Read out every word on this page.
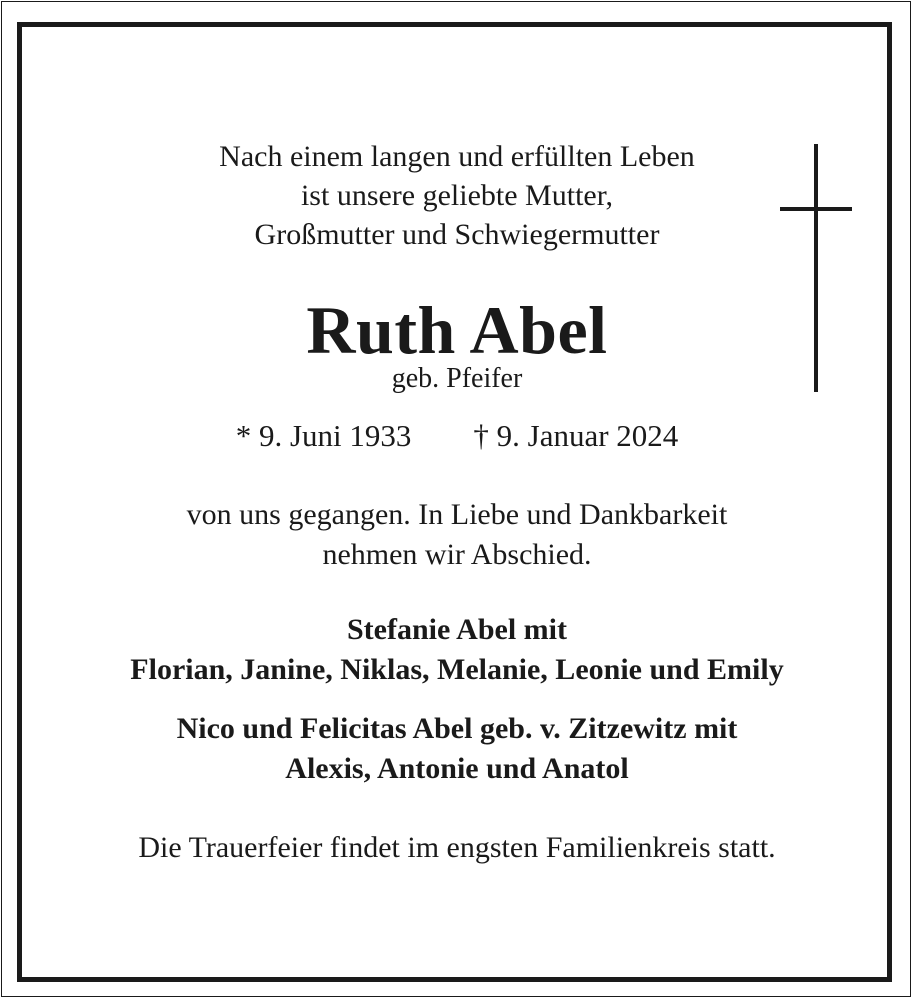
Nach einem langen und erfüllten Leben
ist unsere geliebte Mutter,
Großmutter und Schwiegermutter
Ruth Abel
geb. Pfeifer
* 9. Juni 1933 † 9. Januar 2024
von uns gegangen. In Liebe und Dankbarkeit
nehmen wir Abschied.
Stefanie Abel mit
Florian, Janine, Niklas, Melanie, Leonie und Emily
Nico und Felicitas Abel geb. v. Zitzewitz mit
Alexis, Antonie und Anatol
Die Trauerfeier findet im engsten Familienkreis statt.
